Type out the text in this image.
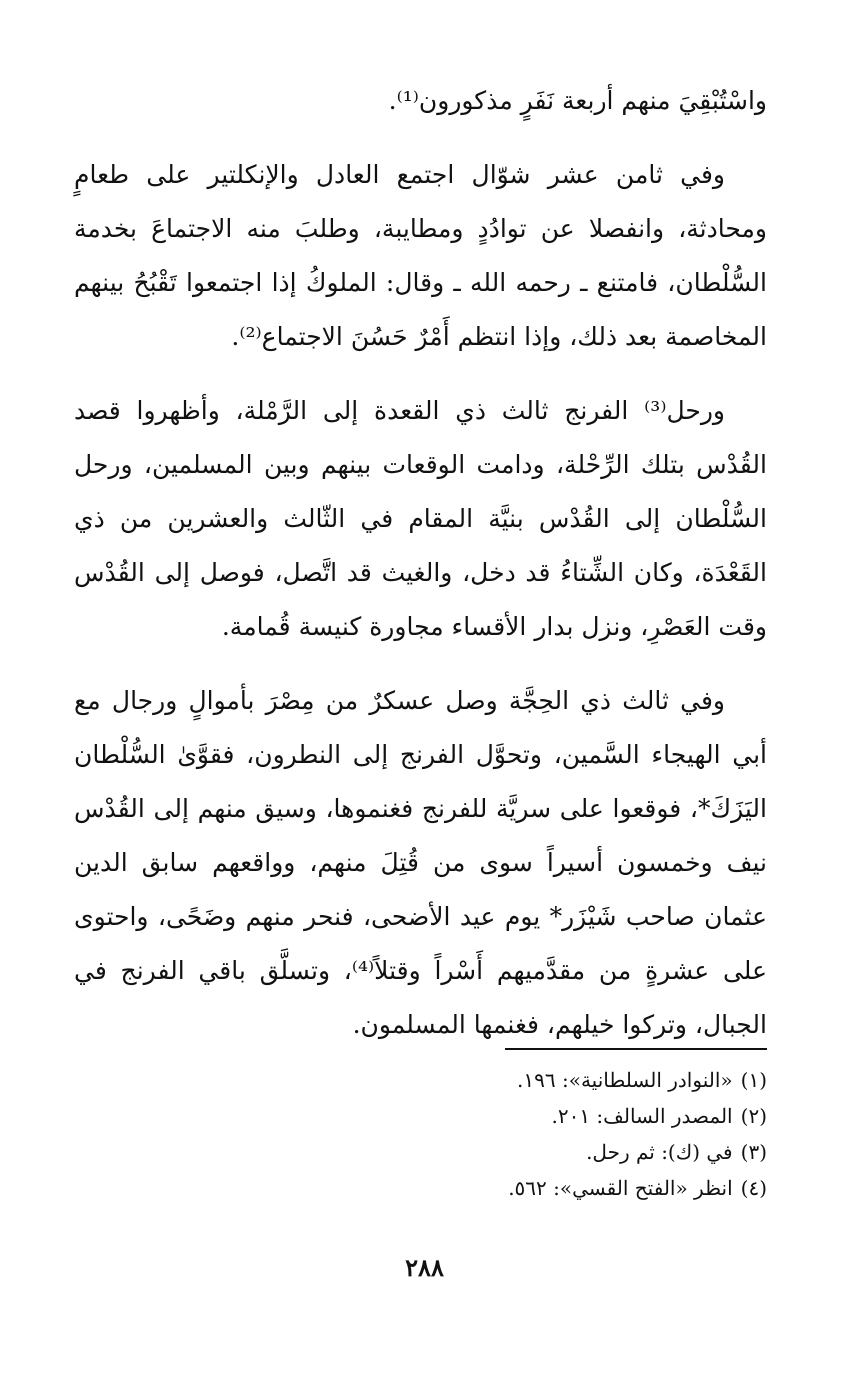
واسْتُبْقِيَ منهم أربعة نَفَرٍ مذكورون⁽¹⁾.

وفي ثامن عشر شوّال اجتمع العادل والإنكلتير على طعامٍ ومحادثة، وانفصلا عن توادُدٍ ومطايبة، وطلبَ منه الاجتماعَ بخدمة السُّلْطان، فامتنع ـ رحمه الله ـ وقال: الملوكُ إذا اجتمعوا تَقْبُحُ بينهم المخاصمة بعد ذلك، وإذا انتظم أَمْرٌ حَسُنَ الاجتماع⁽²⁾.

ورحل⁽³⁾ الفرنج ثالث ذي القعدة إلى الرَّمْلة، وأظهروا قصد القُدْس بتلك الرِّحْلة، ودامت الوقعات بينهم وبين المسلمين، ورحل السُّلْطان إلى القُدْس بنيَّة المقام في الثّالث والعشرين من ذي القَعْدَة، وكان الشِّتاءُ قد دخل، والغيث قد اتَّصل، فوصل إلى القُدْس وقت العَصْرِ، ونزل بدار الأقساء مجاورة كنيسة قُمامة.

وفي ثالث ذي الحِجَّة وصل عسكرٌ من مِصْرَ بأموالٍ ورجال مع أبي الهيجاء السَّمين، وتحوَّل الفرنج إلى النطرون، فقوَّىٰ السُّلْطان اليَزَكَ*، فوقعوا على سريَّة للفرنج فغنموها، وسيق منهم إلى القُدْس نيف وخمسون أسيراً سوى من قُتِلَ منهم، وواقعهم سابق الدين عثمان صاحب شَيْزَر* يوم عيد الأضحى، فنحر منهم وضَحًى، واحتوى على عشرةٍ من مقدَّميهم أَسْراً وقتلاً⁽⁴⁾، وتسلَّق باقي الفرنج في الجبال، وتركوا خيلهم، فغنمها المسلمون.

(١)«النوادر السلطانية»: ١٩٦.

(٢)المصدر السالف: ٢٠١.

(٣)في (ك): ثم رحل.

(٤)انظر «الفتح القسي»: ٥٦٢.

٢٨٨
